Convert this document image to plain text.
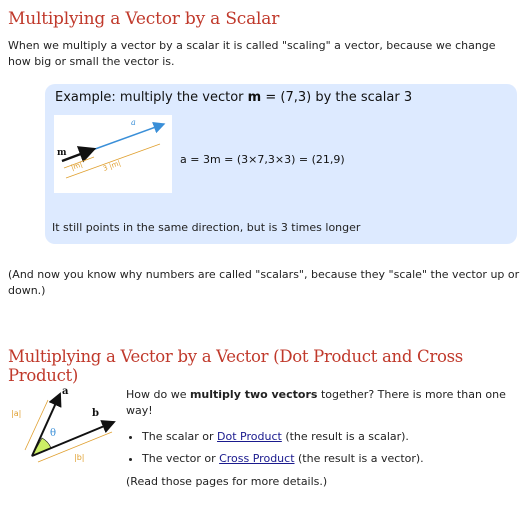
Multiplying a Vector by a Scalar
When we multiply a vector by a scalar it is called "scaling" a vector, because we change how big or small the vector is.
Example: multiply the vector m = (7,3) by the scalar 3
a
m
|m|	3 |m|	a = 3m = (3×7,3×3) = (21,9)
It still points in the same direction, but is 3 times longer
(And now you know why numbers are called "scalars", because they "scale" the vector up or down.)
Multiplying a Vector by a Vector (Dot Product and Cross Product)
a
b
|a|
|b|
θ
How do we multiply two vectors together? There is more than one way!
• The scalar or Dot Product (the result is a scalar).
• The vector or Cross Product (the result is a vector).
(Read those pages for more details.)
